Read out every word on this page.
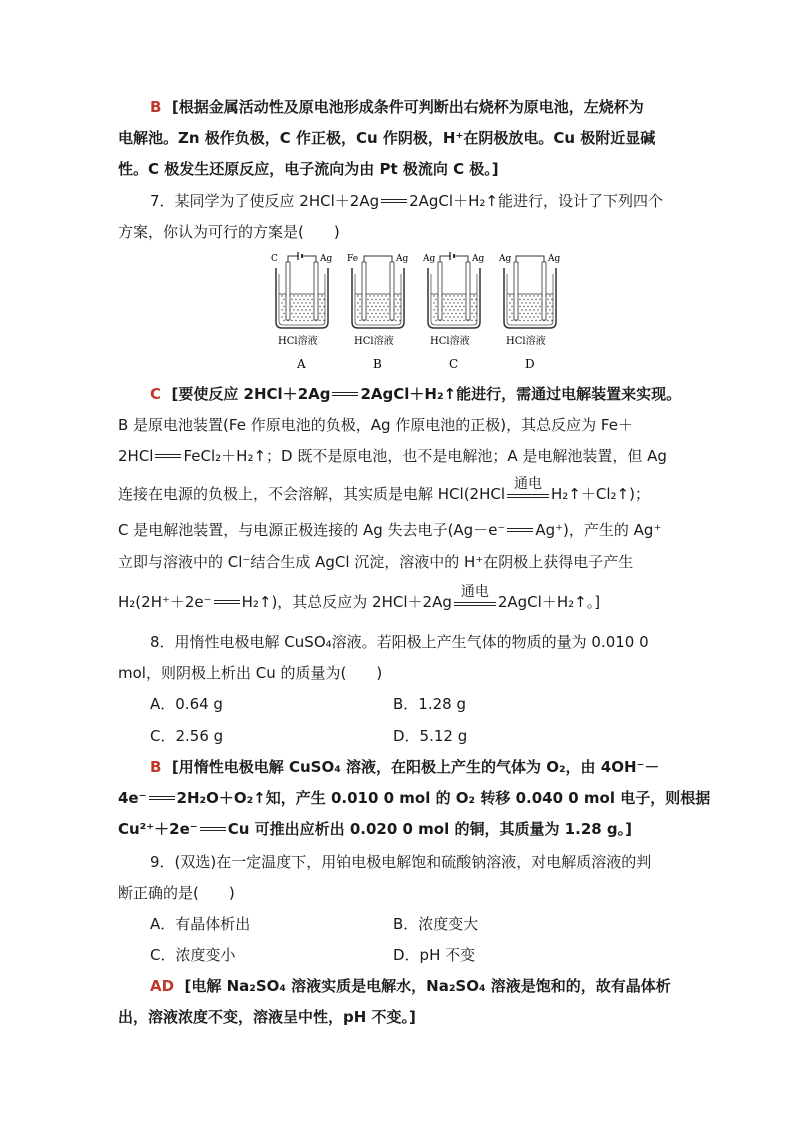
B [根据金属活动性及原电池形成条件可判断出右烧杯为原电池，左烧杯为
电解池。Zn 极作负极，C 作正极，Cu 作阴极，H⁺在阴极放电。Cu 极附近显碱
性。C 极发生还原反应，电子流向为由 Pt 极流向 C 极。]
7．某同学为了使反应 2HCl＋2Ag 2AgCl＋H₂↑能进行，设计了下列四个
方案，你认为可行的方案是(　　)
C	Ag
HCl溶液
A
Fe	Ag
HCl溶液
B
Ag	Ag
HCl溶液
C
Ag	Ag
HCl溶液
D
C [要使反应 2HCl＋2Ag 2AgCl＋H₂↑能进行，需通过电解装置来实现。
B 是原电池装置(Fe 作原电池的负极，Ag 作原电池的正极)，其总反应为 Fe＋
2HCl FeCl₂＋H₂↑；D 既不是原电池，也不是电解池；A 是电解池装置，但 Ag
连接在电源的负极上，不会溶解，其实质是电解 HCl(2HCl
通电
H₂↑＋Cl₂↑)；
C 是电解池装置，与电源正极连接的 Ag 失去电子(Ag－e⁻ Ag⁺)，产生的 Ag⁺
立即与溶液中的 Cl⁻结合生成 AgCl 沉淀，溶液中的 H⁺在阴极上获得电子产生
H₂(2H⁺＋2e⁻ H₂↑)，其总反应为 2HCl＋2Ag
通电
2AgCl＋H₂↑。]
8．用惰性电极电解 CuSO₄溶液。若阳极上产生气体的物质的量为 0.010 0
mol，则阴极上析出 Cu 的质量为(　　)
A．0.64 g	B．1.28 g
C．2.56 g	D．5.12 g
B [用惰性电极电解 CuSO₄ 溶液，在阳极上产生的气体为 O₂，由 4OH⁻－
4e⁻ 2H₂O＋O₂↑知，产生 0.010 0 mol 的 O₂ 转移 0.040 0 mol 电子，则根据
Cu²⁺＋2e⁻ Cu 可推出应析出 0.020 0 mol 的铜，其质量为 1.28 g。]
9．(双选)在一定温度下，用铂电极电解饱和硫酸钠溶液，对电解质溶液的判
断正确的是(　　)
A．有晶体析出	B．浓度变大
C．浓度变小	D．pH 不变
AD [电解 Na₂SO₄ 溶液实质是电解水，Na₂SO₄ 溶液是饱和的，故有晶体析
出，溶液浓度不变，溶液呈中性，pH 不变。]
